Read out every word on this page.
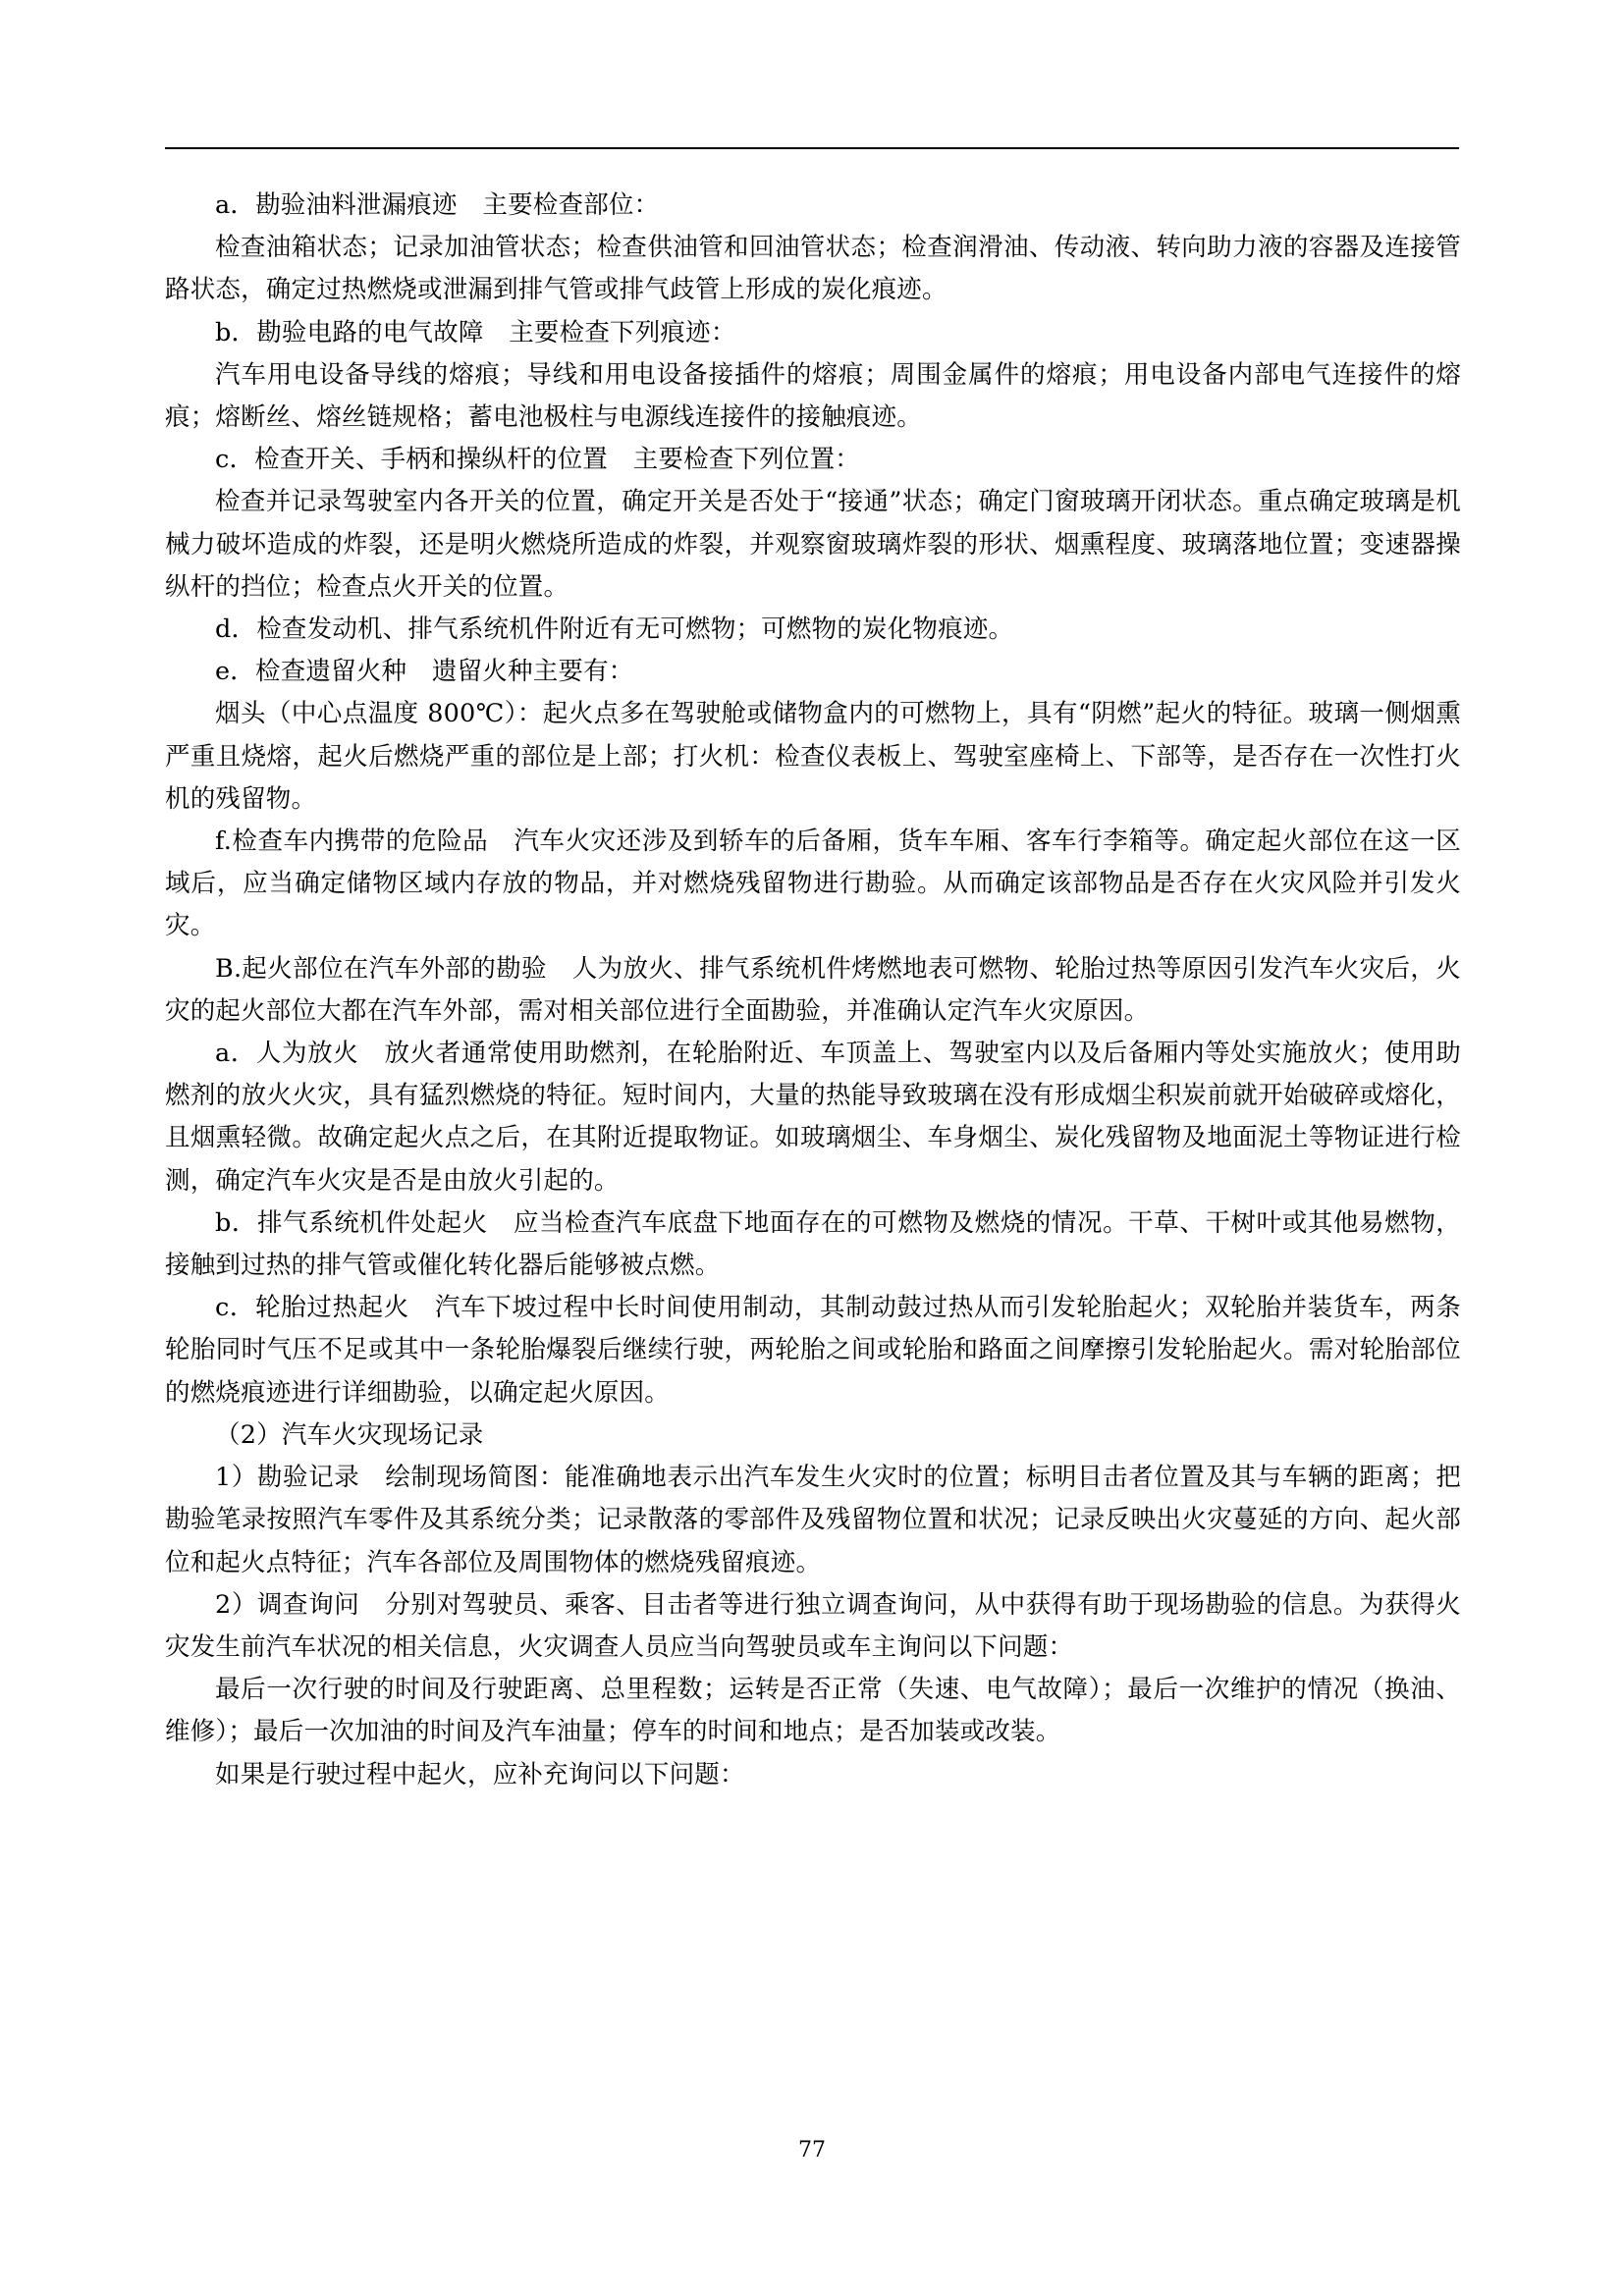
a．勘验油料泄漏痕迹　主要检查部位：

检查油箱状态；记录加油管状态；检查供油管和回油管状态；检查润滑油、传动液、转向助力液的容器及连接管路状态，确定过热燃烧或泄漏到排气管或排气歧管上形成的炭化痕迹。

b．勘验电路的电气故障　主要检查下列痕迹：

汽车用电设备导线的熔痕；导线和用电设备接插件的熔痕；周围金属件的熔痕；用电设备内部电气连接件的熔痕；熔断丝、熔丝链规格；蓄电池极柱与电源线连接件的接触痕迹。

c．检查开关、手柄和操纵杆的位置　主要检查下列位置：

检查并记录驾驶室内各开关的位置，确定开关是否处于“接通”状态；确定门窗玻璃开闭状态。重点确定玻璃是机械力破坏造成的炸裂，还是明火燃烧所造成的炸裂，并观察窗玻璃炸裂的形状、烟熏程度、玻璃落地位置；变速器操纵杆的挡位；检查点火开关的位置。

d．检查发动机、排气系统机件附近有无可燃物；可燃物的炭化物痕迹。

e．检查遗留火种　遗留火种主要有：

烟头（中心点温度 800℃）：起火点多在驾驶舱或储物盒内的可燃物上，具有“阴燃”起火的特征。玻璃一侧烟熏严重且烧熔，起火后燃烧严重的部位是上部；打火机：检查仪表板上、驾驶室座椅上、下部等，是否存在一次性打火机的残留物。

f.检查车内携带的危险品　汽车火灾还涉及到轿车的后备厢，货车车厢、客车行李箱等。确定起火部位在这一区域后，应当确定储物区域内存放的物品，并对燃烧残留物进行勘验。从而确定该部物品是否存在火灾风险并引发火灾。

B.起火部位在汽车外部的勘验　人为放火、排气系统机件烤燃地表可燃物、轮胎过热等原因引发汽车火灾后，火灾的起火部位大都在汽车外部，需对相关部位进行全面勘验，并准确认定汽车火灾原因。

a．人为放火　放火者通常使用助燃剂，在轮胎附近、车顶盖上、驾驶室内以及后备厢内等处实施放火；使用助燃剂的放火火灾，具有猛烈燃烧的特征。短时间内，大量的热能导致玻璃在没有形成烟尘积炭前就开始破碎或熔化，且烟熏轻微。故确定起火点之后，在其附近提取物证。如玻璃烟尘、车身烟尘、炭化残留物及地面泥土等物证进行检测，确定汽车火灾是否是由放火引起的。

b．排气系统机件处起火　应当检查汽车底盘下地面存在的可燃物及燃烧的情况。干草、干树叶或其他易燃物，接触到过热的排气管或催化转化器后能够被点燃。

c．轮胎过热起火　汽车下坡过程中长时间使用制动，其制动鼓过热从而引发轮胎起火；双轮胎并装货车，两条轮胎同时气压不足或其中一条轮胎爆裂后继续行驶，两轮胎之间或轮胎和路面之间摩擦引发轮胎起火。需对轮胎部位的燃烧痕迹进行详细勘验，以确定起火原因。

（2）汽车火灾现场记录

1）勘验记录　绘制现场简图：能准确地表示出汽车发生火灾时的位置；标明目击者位置及其与车辆的距离；把勘验笔录按照汽车零件及其系统分类；记录散落的零部件及残留物位置和状况；记录反映出火灾蔓延的方向、起火部位和起火点特征；汽车各部位及周围物体的燃烧残留痕迹。

2）调查询问　分别对驾驶员、乘客、目击者等进行独立调查询问，从中获得有助于现场勘验的信息。为获得火灾发生前汽车状况的相关信息，火灾调查人员应当向驾驶员或车主询问以下问题：

最后一次行驶的时间及行驶距离、总里程数；运转是否正常（失速、电气故障）；最后一次维护的情况（换油、维修）；最后一次加油的时间及汽车油量；停车的时间和地点；是否加装或改装。

如果是行驶过程中起火，应补充询问以下问题：

77
